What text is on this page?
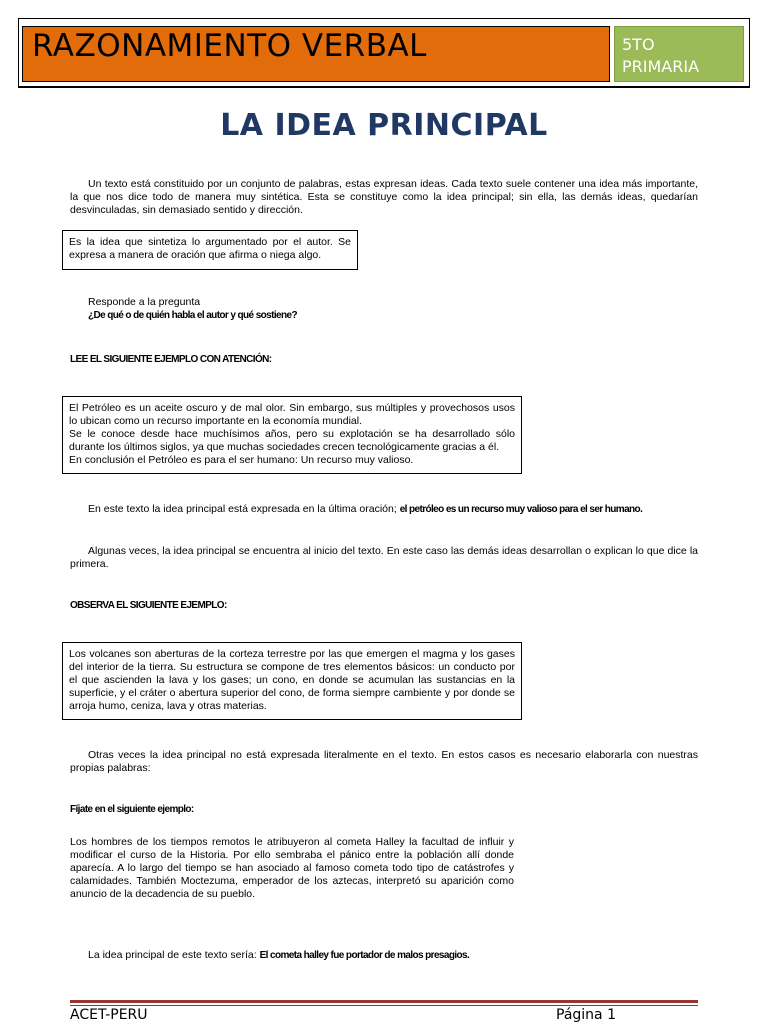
RAZONAMIENTO VERBAL	5TO
PRIMARIA
LA IDEA PRINCIPAL
Un texto está constituido por un conjunto de palabras, estas expresan ideas. Cada texto suele contener una idea más importante, la que nos dice todo de manera muy sintética. Esta se constituye como la idea principal; sin ella, las demás ideas, quedarían desvinculadas, sin demasiado sentido y dirección.
Es la idea que sintetiza lo argumentado por el autor. Se expresa a manera de oración que afirma o niega algo.
Responde a la pregunta
¿De qué o de quién habla el autor y qué sostiene?
LEE EL SIGUIENTE EJEMPLO CON ATENCIÓN:
El Petróleo es un aceite oscuro y de mal olor. Sin embargo, sus múltiples y provechosos usos lo ubican como un recurso importante en la economía mundial.
Se le conoce desde hace muchísimos años, pero su explotación se ha desarrollado sólo durante los últimos siglos, ya que muchas sociedades crecen tecnológicamente gracias a él.
En conclusión el Petróleo es para el ser humano: Un recurso muy valioso.
En este texto la idea principal está expresada en la última oración; el petróleo es un recurso muy valioso para el ser humano.
Algunas veces, la idea principal se encuentra al inicio del texto. En este caso las demás ideas desarrollan o explican lo que dice la primera.
OBSERVA EL SIGUIENTE EJEMPLO:
Los volcanes son aberturas de la corteza terrestre por las que emergen el magma y los gases del interior de la tierra. Su estructura se compone de tres elementos básicos: un conducto por el que ascienden la lava y los gases; un cono, en donde se acumulan las sustancias en la superficie, y el cráter o abertura superior del cono, de forma siempre cambiente y por donde se arroja humo, ceniza, lava y otras materias.
Otras veces la idea principal no está expresada literalmente en el texto. En estos casos es necesario elaborarla con nuestras propias palabras:
Fíjate en el siguiente ejemplo:
Los hombres de los tiempos remotos le atribuyeron al cometa Halley la facultad de influir y modificar el curso de la Historia. Por ello sembraba el pánico entre la población allí donde aparecía. A lo largo del tiempo se han asociado al famoso cometa todo tipo de catástrofes y calamidades. También Moctezuma, emperador de los aztecas, interpretó su aparición como anuncio de la decadencia de su pueblo.
La idea principal de este texto sería: El cometa halley fue portador de malos presagios.
ACET-PERU	Página 1
